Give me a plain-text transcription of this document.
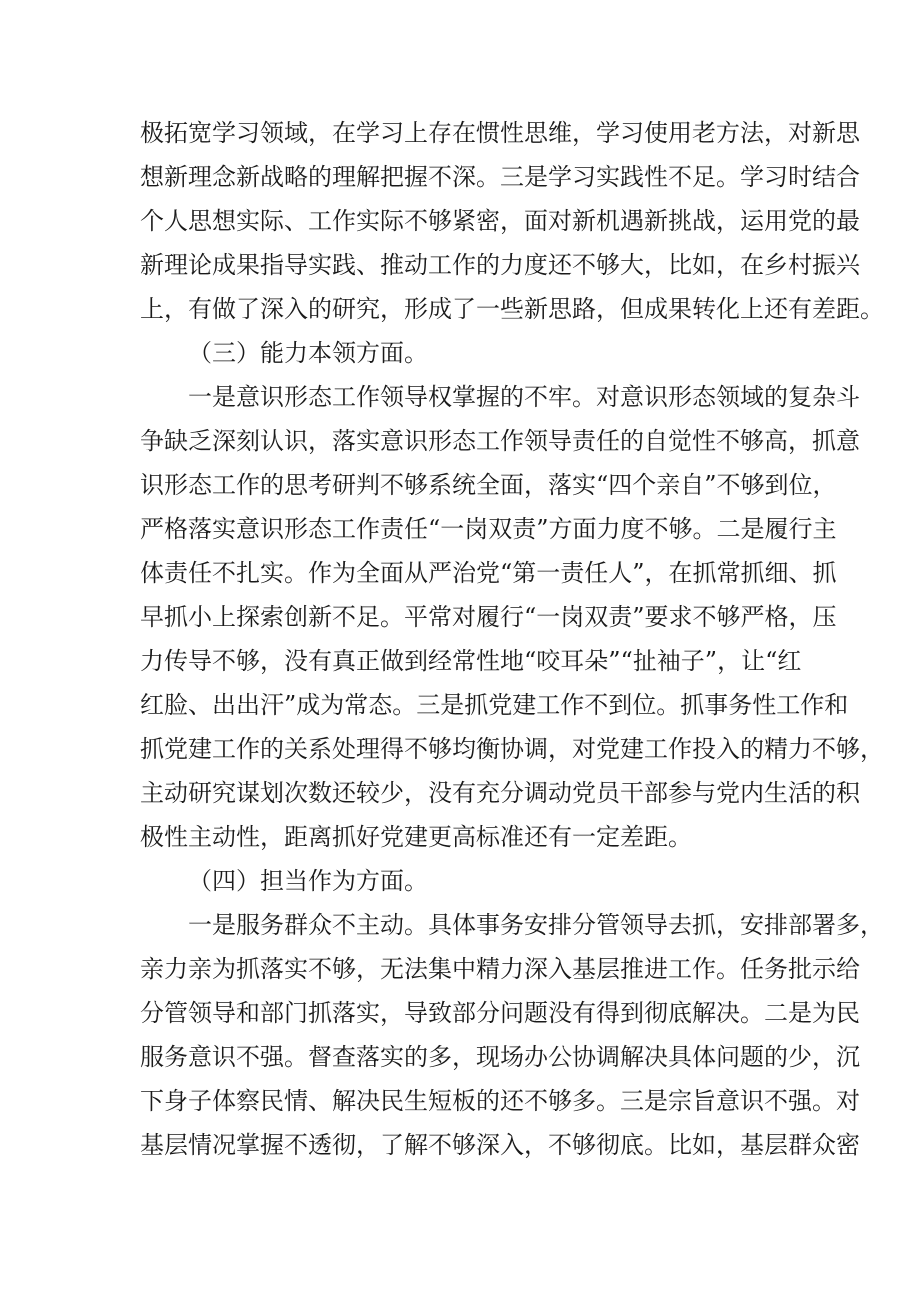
极拓宽学习领域，在学习上存在惯性思维，学习使用老方法，对新思
想新理念新战略的理解把握不深。三是学习实践性不足。学习时结合
个人思想实际、工作实际不够紧密，面对新机遇新挑战，运用党的最
新理论成果指导实践、推动工作的力度还不够大，比如，在乡村振兴
上，有做了深入的研究，形成了一些新思路，但成果转化上还有差距。
（三）能力本领方面。
一是意识形态工作领导权掌握的不牢。对意识形态领域的复杂斗
争缺乏深刻认识，落实意识形态工作领导责任的自觉性不够高，抓意
识形态工作的思考研判不够系统全面，落实“四个亲自”不够到位，
严格落实意识形态工作责任“一岗双责”方面力度不够。二是履行主
体责任不扎实。作为全面从严治党“第一责任人”，在抓常抓细、抓
早抓小上探索创新不足。平常对履行“一岗双责”要求不够严格，压
力传导不够，没有真正做到经常性地“咬耳朵”“扯袖子”，让“红
红脸、出出汗”成为常态。三是抓党建工作不到位。抓事务性工作和
抓党建工作的关系处理得不够均衡协调，对党建工作投入的精力不够，
主动研究谋划次数还较少，没有充分调动党员干部参与党内生活的积
极性主动性，距离抓好党建更高标准还有一定差距。
（四）担当作为方面。
一是服务群众不主动。具体事务安排分管领导去抓，安排部署多，
亲力亲为抓落实不够，无法集中精力深入基层推进工作。任务批示给
分管领导和部门抓落实，导致部分问题没有得到彻底解决。二是为民
服务意识不强。督查落实的多，现场办公协调解决具体问题的少，沉
下身子体察民情、解决民生短板的还不够多。三是宗旨意识不强。对
基层情况掌握不透彻，了解不够深入，不够彻底。比如，基层群众密
